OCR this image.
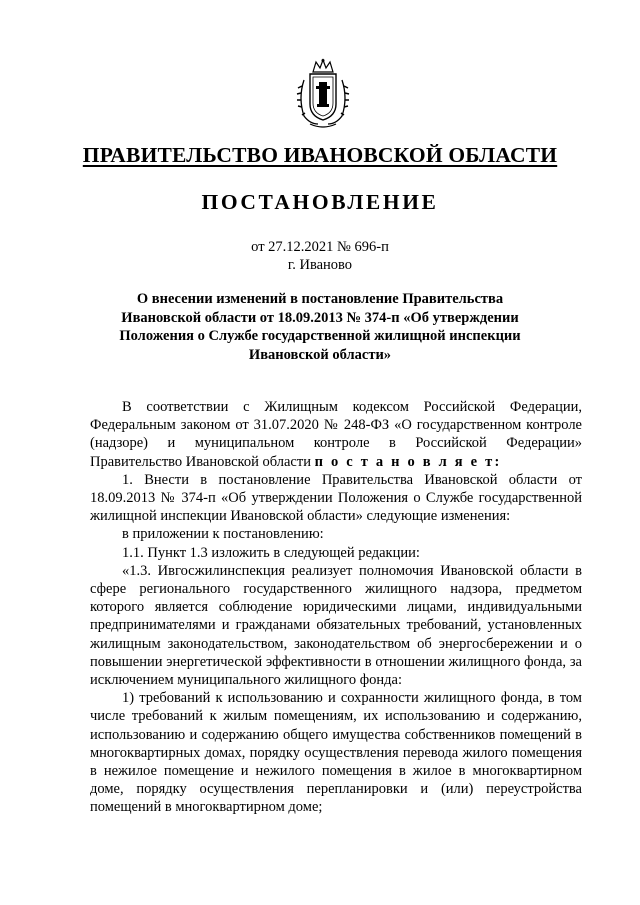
ПРАВИТЕЛЬСТВО ИВАНОВСКОЙ ОБЛАСТИ
ПОСТАНОВЛЕНИЕ
от 27.12.2021 № 696-п
г. Иваново
О внесении изменений в постановление Правительства Ивановской области от 18.09.2013 № 374-п «Об утверждении Положения о Службе государственной жилищной инспекции Ивановской области»

В соответствии с Жилищным кодексом Российской Федерации, Федеральным законом от 31.07.2020 № 248-ФЗ «О государственном контроле (надзоре) и муниципальном контроле в Российской Федерации» Правительство Ивановской области п о с т а н о в л я е т:

1. Внести в постановление Правительства Ивановской области от 18.09.2013 № 374-п «Об утверждении Положения о Службе государственной жилищной инспекции Ивановской области» следующие изменения:

в приложении к постановлению:

1.1. Пункт 1.3 изложить в следующей редакции:

«1.3. Ивгосжилинспекция реализует полномочия Ивановской области в сфере регионального государственного жилищного надзора, предметом которого является соблюдение юридическими лицами, индивидуальными предпринимателями и гражданами обязательных требований, установленных жилищным законодательством, законодательством об энергосбережении и о повышении энергетической эффективности в отношении жилищного фонда, за исключением муниципального жилищного фонда:

1) требований к использованию и сохранности жилищного фонда, в том числе требований к жилым помещениям, их использованию и содержанию, использованию и содержанию общего имущества собственников помещений в многоквартирных домах, порядку осуществления перевода жилого помещения в нежилое помещение и нежилого помещения в жилое в многоквартирном доме, порядку осуществления перепланировки и (или) переустройства помещений в многоквартирном доме;
